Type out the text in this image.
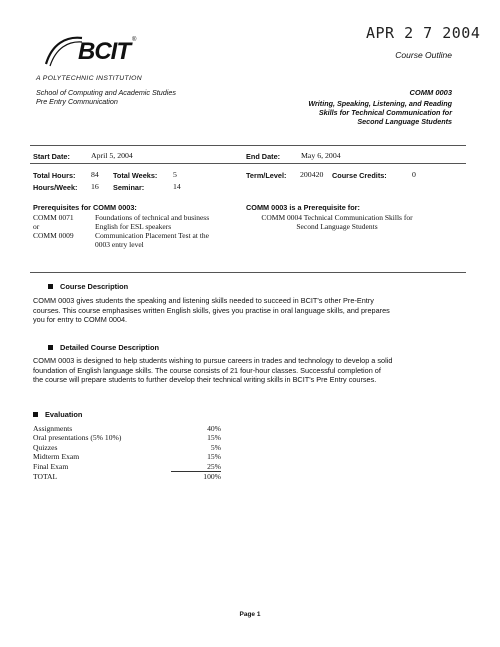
APR 2 7 2004
Course Outline
BCIT ®
A POLYTECHNIC INSTITUTION
School of Computing and Academic Studies
Pre Entry Communication
COMM 0003
Writing, Speaking, Listening, and Reading
Skills for Technical Communication for
Second Language Students
Start Date:	April 5, 2004	End Date:	May 6, 2004
Total Hours: 84 Total Weeks: 5	Term/Level: 200420 Course Credits:	0
Hours/Week: 16 Seminar:	14
Prerequisites for COMM 0003:
COMM 0071	Foundations of technical and business
English for ESL speakers
or
COMM 0009	Communication Placement Test at the
0003 entry level
COMM 0003 is a Prerequisite for:
COMM 0004 Technical Communication Skills for
Second Language Students
Course Description
COMM 0003 gives students the speaking and listening skills needed to succeed in BCIT's other Pre-Entry
courses. This course emphasises written English skills, gives you practise in oral language skills, and prepares
you for entry to COMM 0004.
Detailed Course Description
COMM 0003 is designed to help students wishing to pursue careers in trades and technology to develop a solid
foundation of English language skills. The course consists of 21 four-hour classes. Successful completion of
the course will prepare students to further develop their technical writing skills in BCIT's Pre Entry courses.
Evaluation
Assignments	40%
Oral presentations (5% 10%)	15%
Quizzes	5%
Midterm Exam	15%
Final Exam	25%
TOTAL	100%
Page 1
